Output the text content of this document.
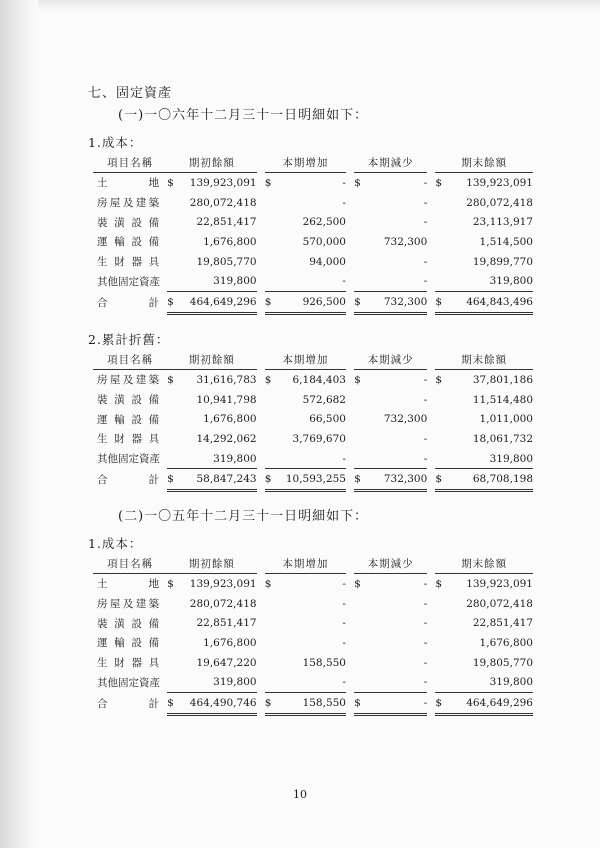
七、固定資產
(一)一〇六年十二月三十一日明細如下：
1.成本：
項目名稱	期初餘額			本期增加			本期減少			期末餘額	
土　　地	$	139,923,091		$	-		$	-		$	139,923,091
房屋及建築		280,072,418			-			-			280,072,418
裝潢設備		22,851,417			262,500			-			23,113,917
運輸設備		1,676,800			570,000			732,300			1,514,500
生財器具		19,805,770			94,000			-			19,899,770
其他固定資產		319,800			-			-			319,800
合　　計	$	464,649,296		$	926,500		$	732,300		$	464,843,496
2.累計折舊：
項目名稱	期初餘額			本期增加			本期減少			期末餘額	
房屋及建築	$	31,616,783		$	6,184,403		$	-		$	37,801,186
裝潢設備		10,941,798			572,682			-			11,514,480
運輸設備		1,676,800			66,500			732,300			1,011,000
生財器具		14,292,062			3,769,670			-			18,061,732
其他固定資產		319,800			-			-			319,800
合　　計	$	58,847,243		$	10,593,255		$	732,300		$	68,708,198
(二)一〇五年十二月三十一日明細如下：
1.成本：
項目名稱	期初餘額			本期增加			本期減少			期末餘額	
土　　地	$	139,923,091		$	-		$	-		$	139,923,091
房屋及建築		280,072,418			-			-			280,072,418
裝潢設備		22,851,417			-			-			22,851,417
運輸設備		1,676,800			-			-			1,676,800
生財器具		19,647,220			158,550			-			19,805,770
其他固定資產		319,800			-			-			319,800
合　　計	$	464,490,746		$	158,550		$	-		$	464,649,296
10
